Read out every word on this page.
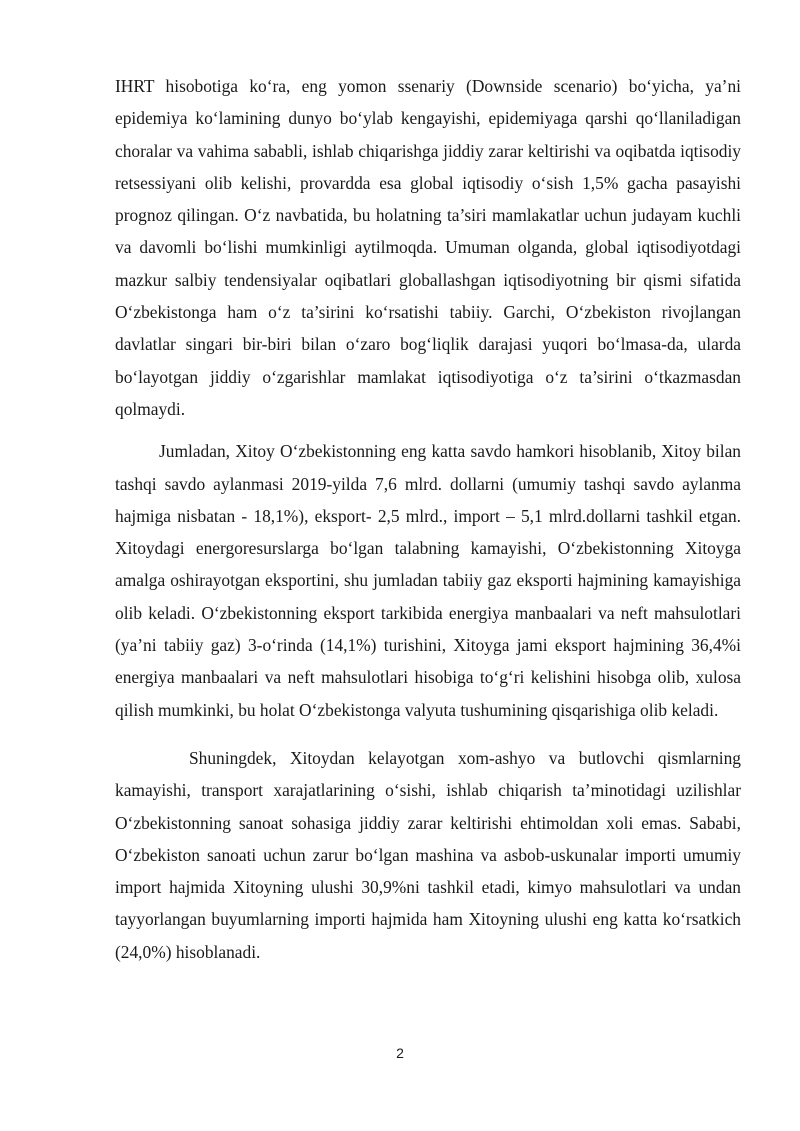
IHRT hisobotiga ko‘ra, eng yomon ssenariy (Downside scenario) bo‘yicha, ya’ni epidemiya ko‘lamining dunyo bo‘ylab kengayishi, epidemiyaga qarshi qo‘llaniladigan choralar va vahima sababli, ishlab chiqarishga jiddiy zarar keltirishi va oqibatda iqtisodiy retsessiyani olib kelishi, provardda esa global iqtisodiy o‘sish 1,5% gacha pasayishi prognoz qilingan. O‘z navbatida, bu holatning ta’siri mamlakatlar uchun judayam kuchli va davomli bo‘lishi mumkinligi aytilmoqda. Umuman olganda, global iqtisodiyotdagi mazkur salbiy tendensiyalar oqibatlari globallashgan iqtisodiyotning bir qismi sifatida O‘zbekistonga ham o‘z ta’sirini ko‘rsatishi tabiiy. Garchi, O‘zbekiston rivojlangan davlatlar singari bir-biri bilan o‘zaro bog‘liqlik darajasi yuqori bo‘lmasa-da, ularda bo‘layotgan jiddiy o‘zgarishlar mamlakat iqtisodiyotiga o‘z ta’sirini o‘tkazmasdan qolmaydi.

Jumladan, Xitoy O‘zbekistonning eng katta savdo hamkori hisoblanib, Xitoy bilan tashqi savdo aylanmasi 2019-yilda 7,6 mlrd. dollarni (umumiy tashqi savdo aylanma hajmiga nisbatan - 18,1%), eksport- 2,5 mlrd., import – 5,1 mlrd.dollarni tashkil etgan. Xitoydagi energoresurslarga bo‘lgan talabning kamayishi, O‘zbekistonning Xitoyga amalga oshirayotgan eksportini, shu jumladan tabiiy gaz eksporti hajmining kamayishiga olib keladi. O‘zbekistonning eksport tarkibida energiya manbaalari va neft mahsulotlari (ya’ni tabiiy gaz) 3-o‘rinda (14,1%) turishini, Xitoyga jami eksport hajmining 36,4%i energiya manbaalari va neft mahsulotlari hisobiga to‘g‘ri kelishini hisobga olib, xulosa qilish mumkinki, bu holat O‘zbekistonga valyuta tushumining qisqarishiga olib keladi.

Shuningdek, Xitoydan kelayotgan xom-ashyo va butlovchi qismlarning kamayishi, transport xarajatlarining o‘sishi, ishlab chiqarish ta’minotidagi uzilishlar O‘zbekistonning sanoat sohasiga jiddiy zarar keltirishi ehtimoldan xoli emas. Sababi, O‘zbekiston sanoati uchun zarur bo‘lgan mashina va asbob-uskunalar importi umumiy import hajmida Xitoyning ulushi 30,9%ni tashkil etadi, kimyo mahsulotlari va undan tayyorlangan buyumlarning importi hajmida ham Xitoyning ulushi eng katta ko‘rsatkich (24,0%) hisoblanadi.

2
